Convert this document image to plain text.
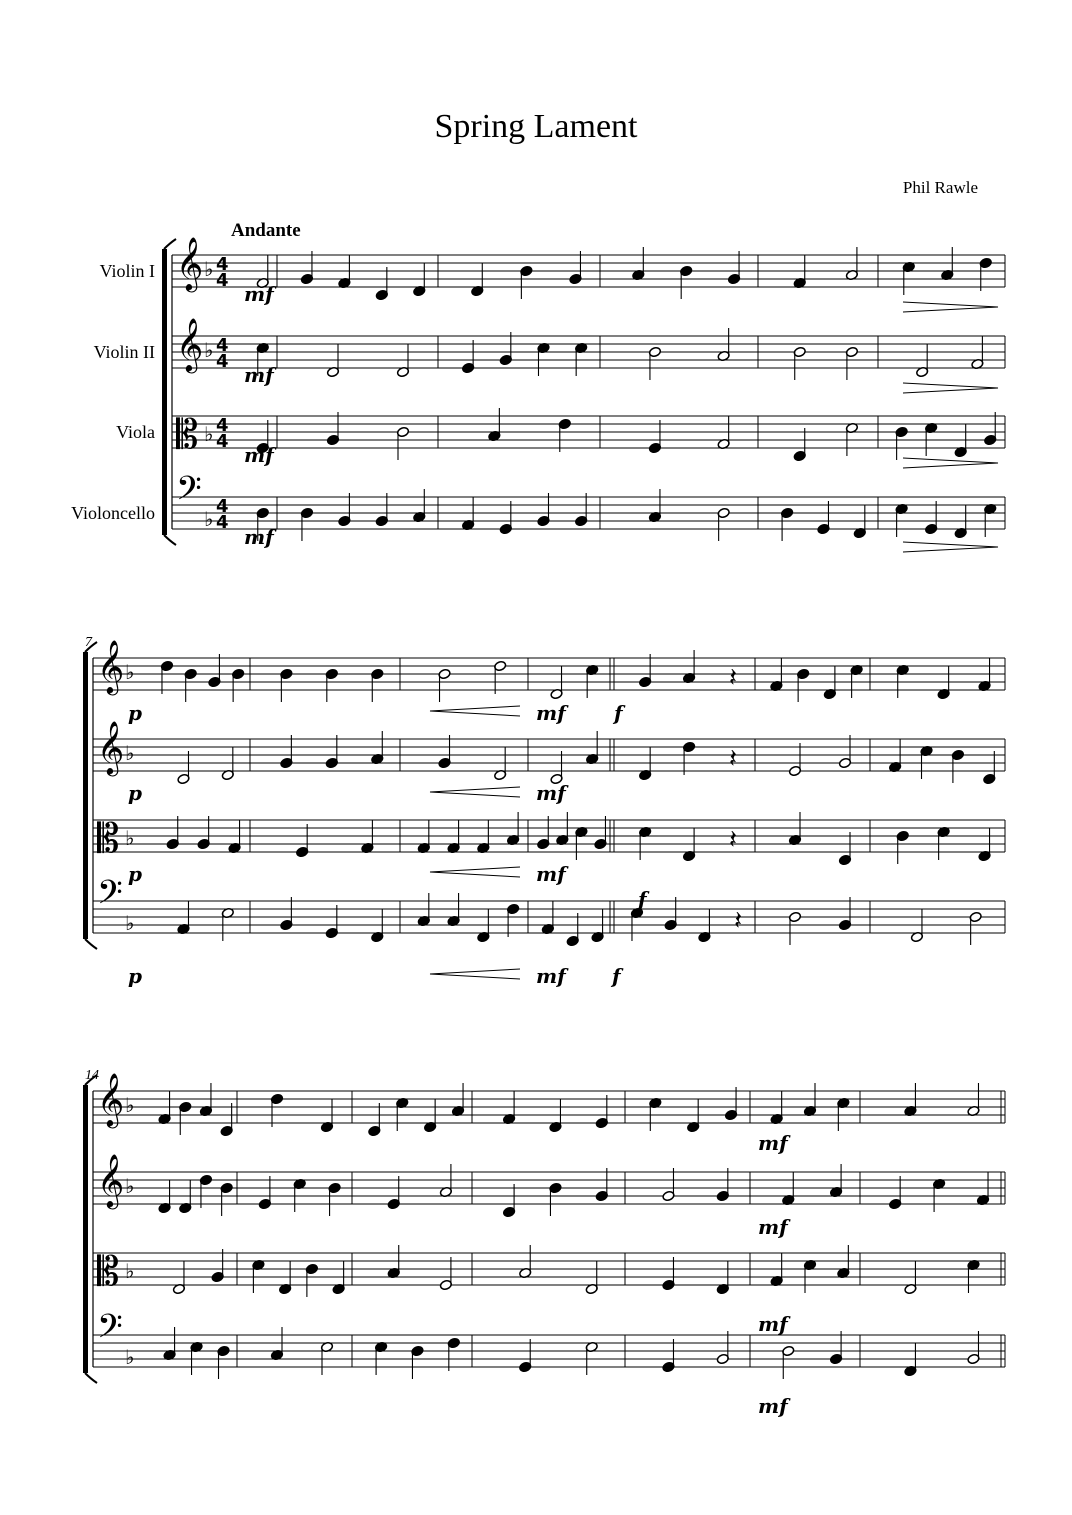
Spring Lament
Phil Rawle
𝄞 ♭ 4
4
Violin I
𝄞 ♭ 4
4
Violin II
𝄡 ♭ 4
4
Viola
𝄢
♭
4
4
Violoncello
𝄞 ♭
𝄞 ♭
𝄡 ♭
𝄢
♭
7
𝄞 ♭
𝄞 ♭
𝄡 ♭
𝄢
♭
14
Andante
𝄽
𝄽
𝄽
𝄽
mf
mf
mf
mf
p
p
p
p
mf
mf
mf
mf
f
f
f
mf
mf
mf
mf
